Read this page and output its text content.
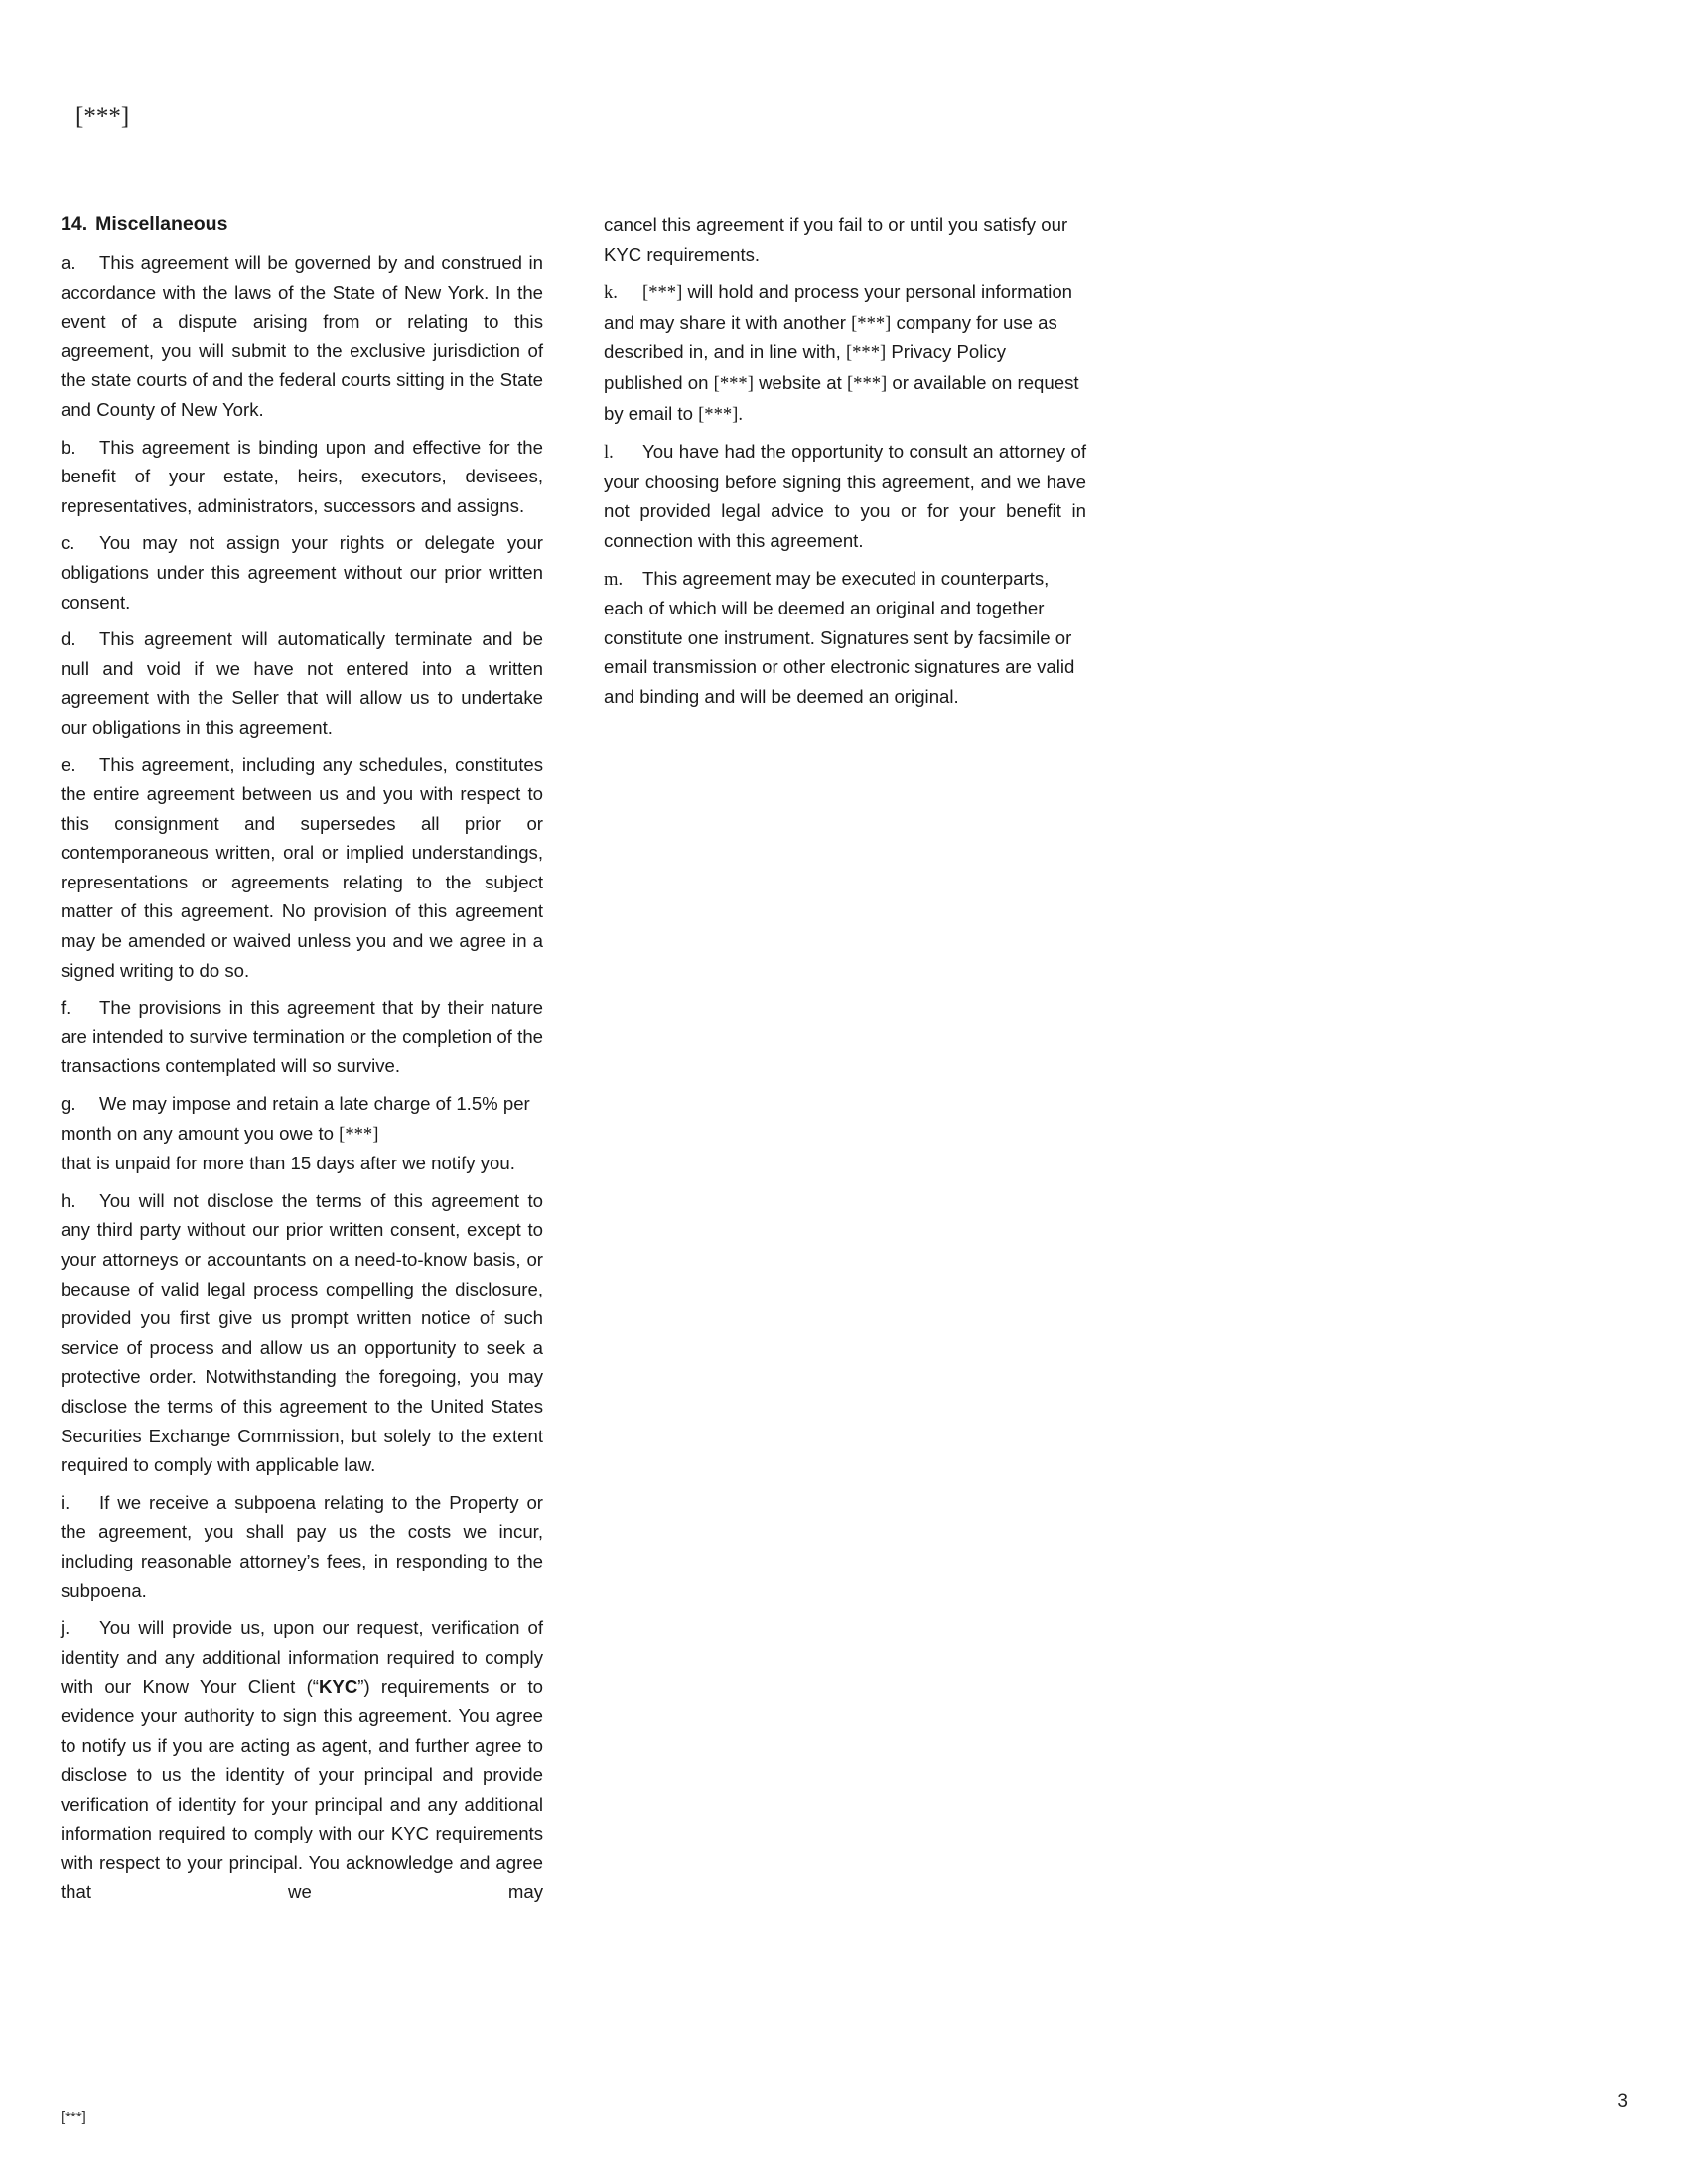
[***]
14. Miscellaneous

a. This agreement will be governed by and construed in accordance with the laws of the State of New York. In the event of a dispute arising from or relating to this agreement, you will submit to the exclusive jurisdiction of the state courts of and the federal courts sitting in the State and County of New York.

b. This agreement is binding upon and effective for the benefit of your estate, heirs, executors, devisees, representatives, administrators, successors and assigns.

c. You may not assign your rights or delegate your obligations under this agreement without our prior written consent.

d. This agreement will automatically terminate and be null and void if we have not entered into a written agreement with the Seller that will allow us to undertake our obligations in this agreement.

e. This agreement, including any schedules, constitutes the entire agreement between us and you with respect to this consignment and supersedes all prior or contemporaneous written, oral or implied understandings, representations or agreements relating to the subject matter of this agreement. No provision of this agreement may be amended or waived unless you and we agree in a signed writing to do so.

f. The provisions in this agreement that by their nature are intended to survive termination or the completion of the transactions contemplated will so survive.

g. We may impose and retain a late charge of 1.5% per month on any amount you owe to [***]
that is unpaid for more than 15 days after we notify you.

h. You will not disclose the terms of this agreement to any third party without our prior written consent, except to your attorneys or accountants on a need-to-know basis, or because of valid legal process compelling the disclosure, provided you first give us prompt written notice of such service of process and allow us an opportunity to seek a protective order. Notwithstanding the foregoing, you may disclose the terms of this agreement to the United States Securities Exchange Commission, but solely to the extent required to comply with applicable law.

i. If we receive a subpoena relating to the Property or the agreement, you shall pay us the costs we incur, including reasonable attorney’s fees, in responding to the subpoena.

j. You will provide us, upon our request, verification of identity and any additional information required to comply with our Know Your Client (“KYC”) requirements or to evidence your authority to sign this agreement. You agree to notify us if you are acting as agent, and further agree to disclose to us the identity of your principal and provide verification of identity for your principal and any additional information required to comply with our KYC requirements with respect to your principal. You acknowledge and agree that we may

cancel this agreement if you fail to or until you satisfy our KYC requirements.

k. [***] will hold and process your personal information and may share it with another [***] company for use as described in, and in line with, [***] Privacy Policy published on [***] website at [***] or available on request by email to [***].

l. You have had the opportunity to consult an attorney of your choosing before signing this agreement, and we have not provided legal advice to you or for your benefit in connection with this agreement.

m. This agreement may be executed in counterparts, each of which will be deemed an original and together constitute one instrument. Signatures sent by facsimile or email transmission or other electronic signatures are valid and binding and will be deemed an original.

[***]
3
